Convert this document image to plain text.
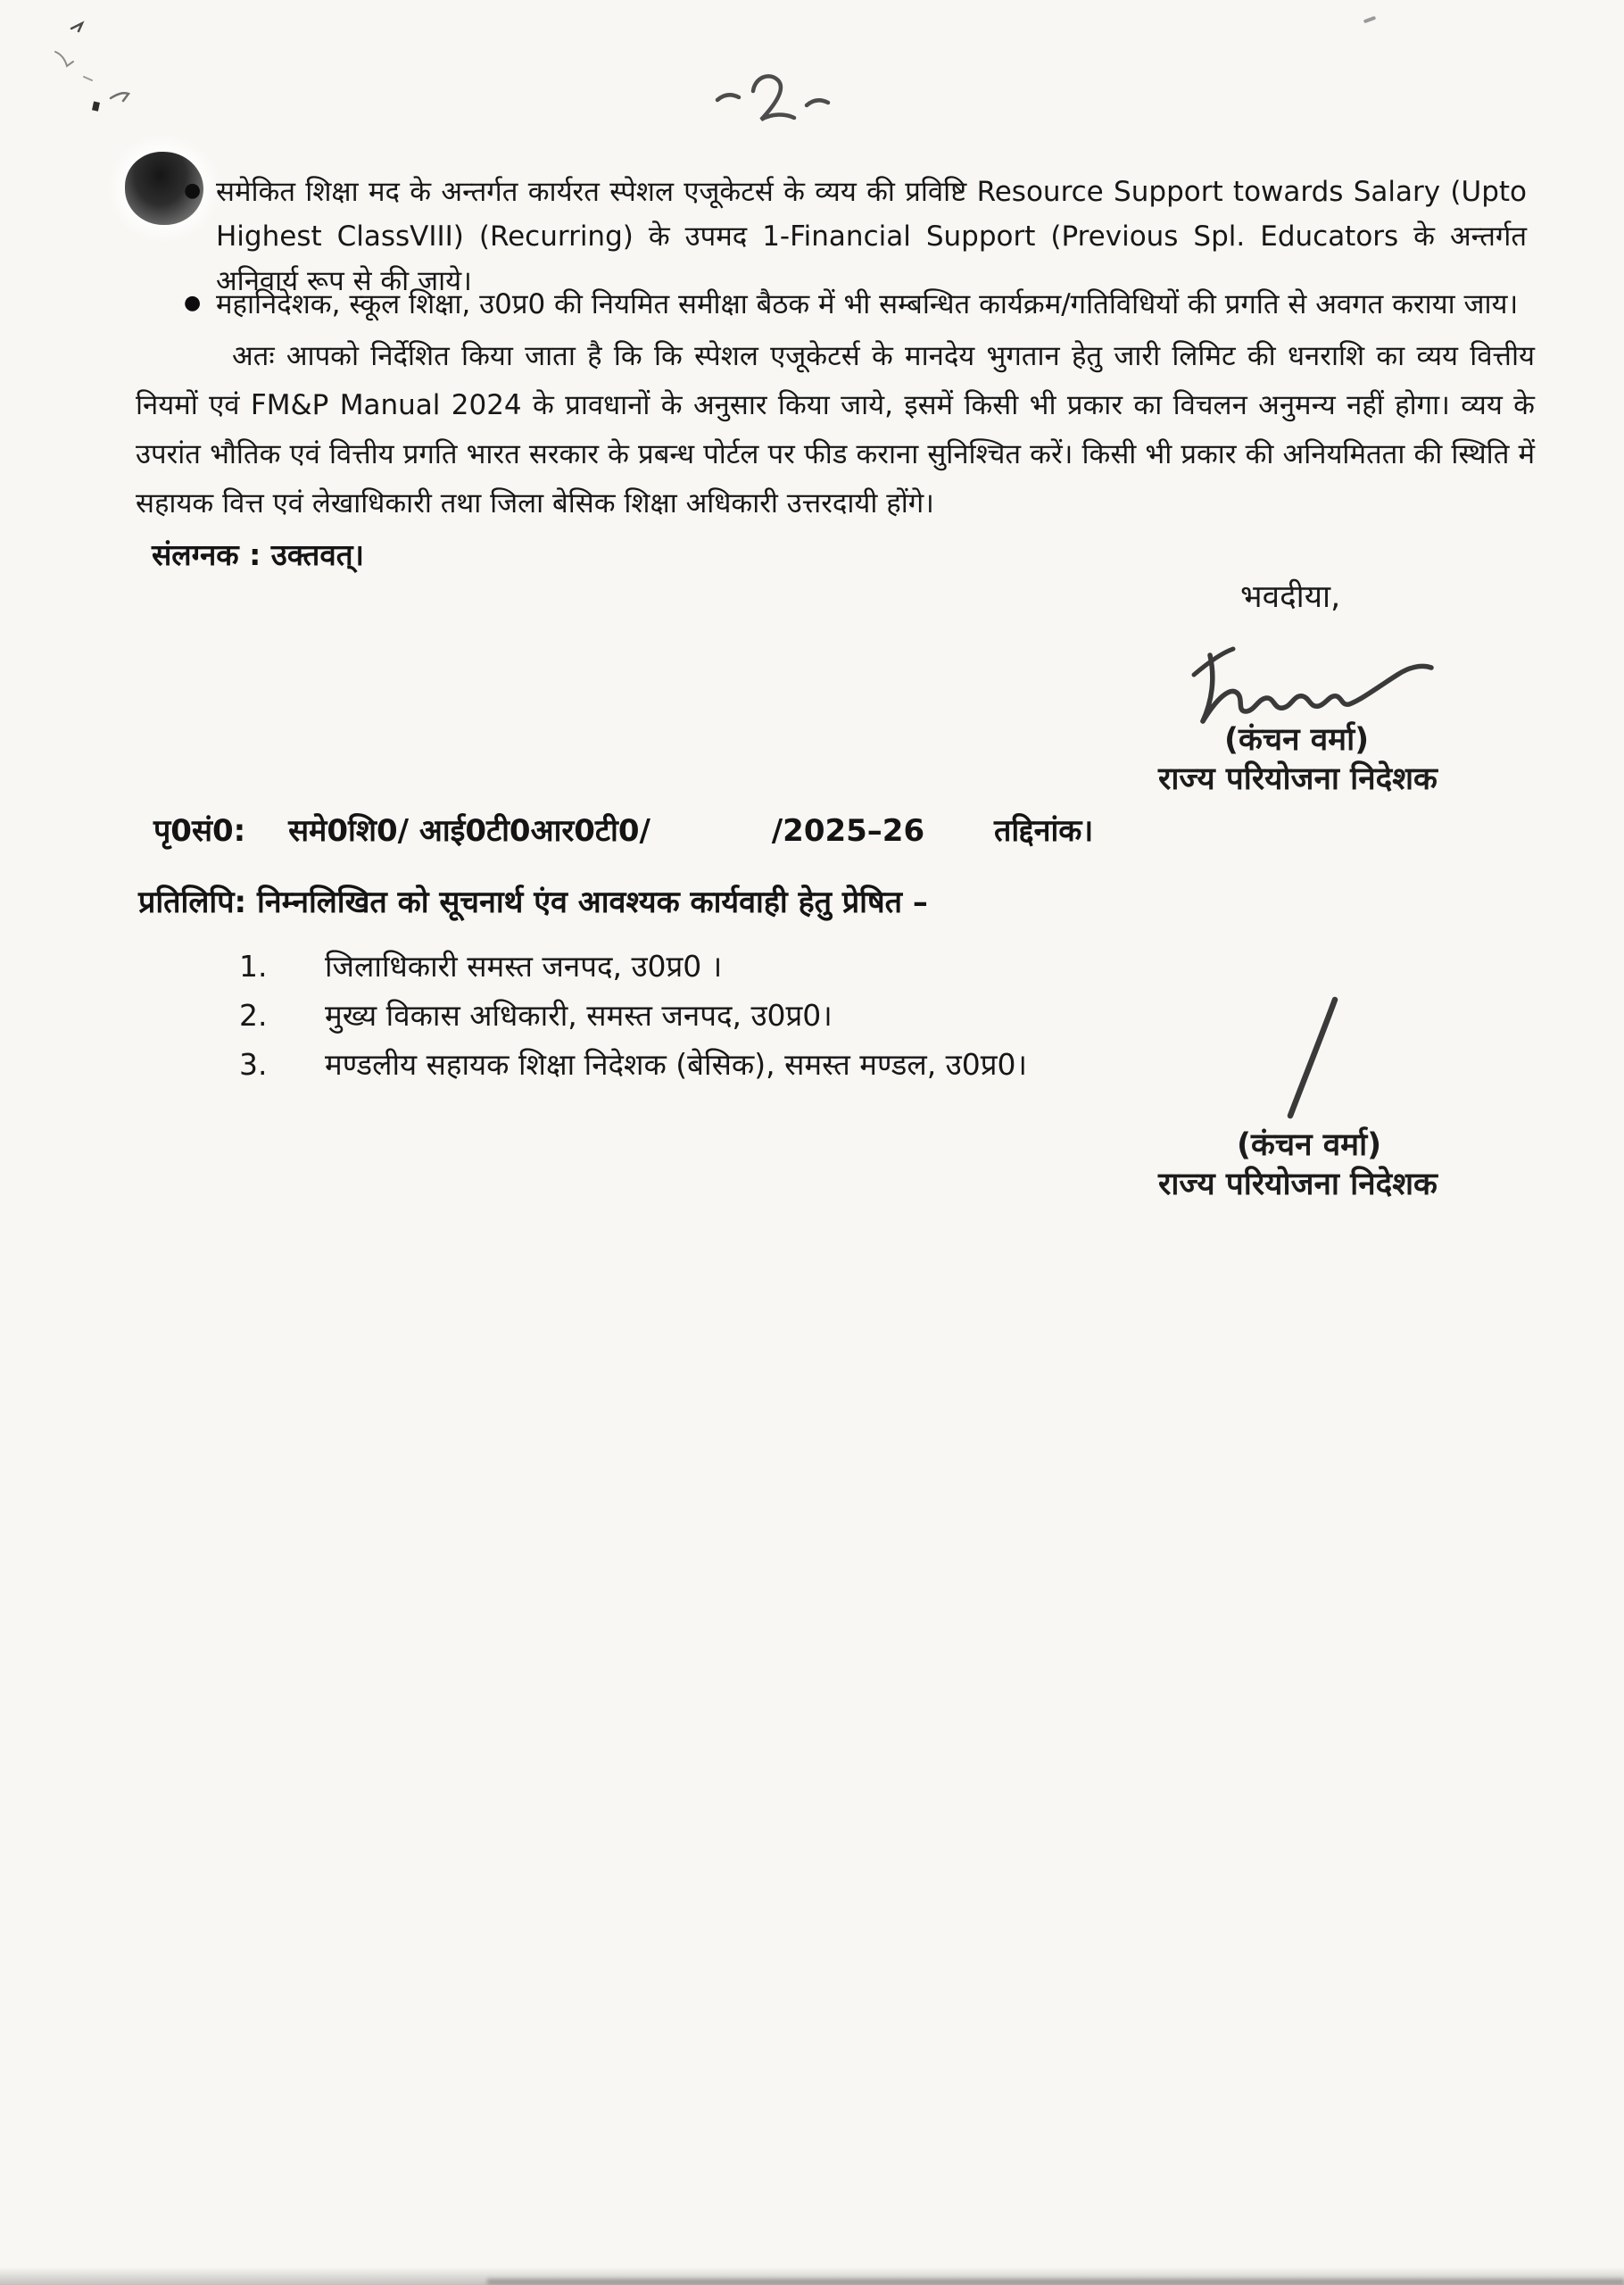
● समेकित शिक्षा मद के अन्तर्गत कार्यरत स्पेशल एजूकेटर्स के व्यय की प्रविष्टि Resource Support towards Salary (Upto Highest ClassVIII) (Recurring) के उपमद 1-Financial Support (Previous Spl. Educators के अन्तर्गत अनिवार्य रूप से की जाये।
● महानिदेशक, स्कूल शिक्षा, उ0प्र0 की नियमित समीक्षा बैठक में भी सम्बन्धित कार्यक्रम/गतिविधियों की प्रगति से अवगत कराया जाय।
अतः आपको निर्देशित किया जाता है कि कि स्पेशल एजूकेटर्स के मानदेय भुगतान हेतु जारी लिमिट की धनराशि का व्यय वित्तीय नियमों एवं FM&P Manual 2024 के प्रावधानों के अनुसार किया जाये, इसमें किसी भी प्रकार का विचलन अनुमन्य नहीं होगा। व्यय के उपरांत भौतिक एवं वित्तीय प्रगति भारत सरकार के प्रबन्ध पोर्टल पर फीड कराना सुनिश्चित करें। किसी भी प्रकार की अनियमितता की स्थिति में सहायक वित्त एवं लेखाधिकारी तथा जिला बेसिक शिक्षा अधिकारी उत्तरदायी होंगे।
संलग्नक : उक्तवत्।
भवदीया,
(कंचन वर्मा)
राज्य परियोजना निदेशक
पृ0सं0: समे0शि0/ आई0टी0आर0टी0/	/2025–26 तद्दिनांक।
प्रतिलिपि: निम्नलिखित को सूचनार्थ एंव आवश्यक कार्यवाही हेतु प्रेषित –
1.	जिलाधिकारी समस्त जनपद, उ0प्र0 ।
2.	मुख्य विकास अधिकारी, समस्त जनपद, उ0प्र0।
3.	मण्डलीय सहायक शिक्षा निदेशक (बेसिक), समस्त मण्डल, उ0प्र0।
(कंचन वर्मा)
राज्य परियोजना निदेशक
